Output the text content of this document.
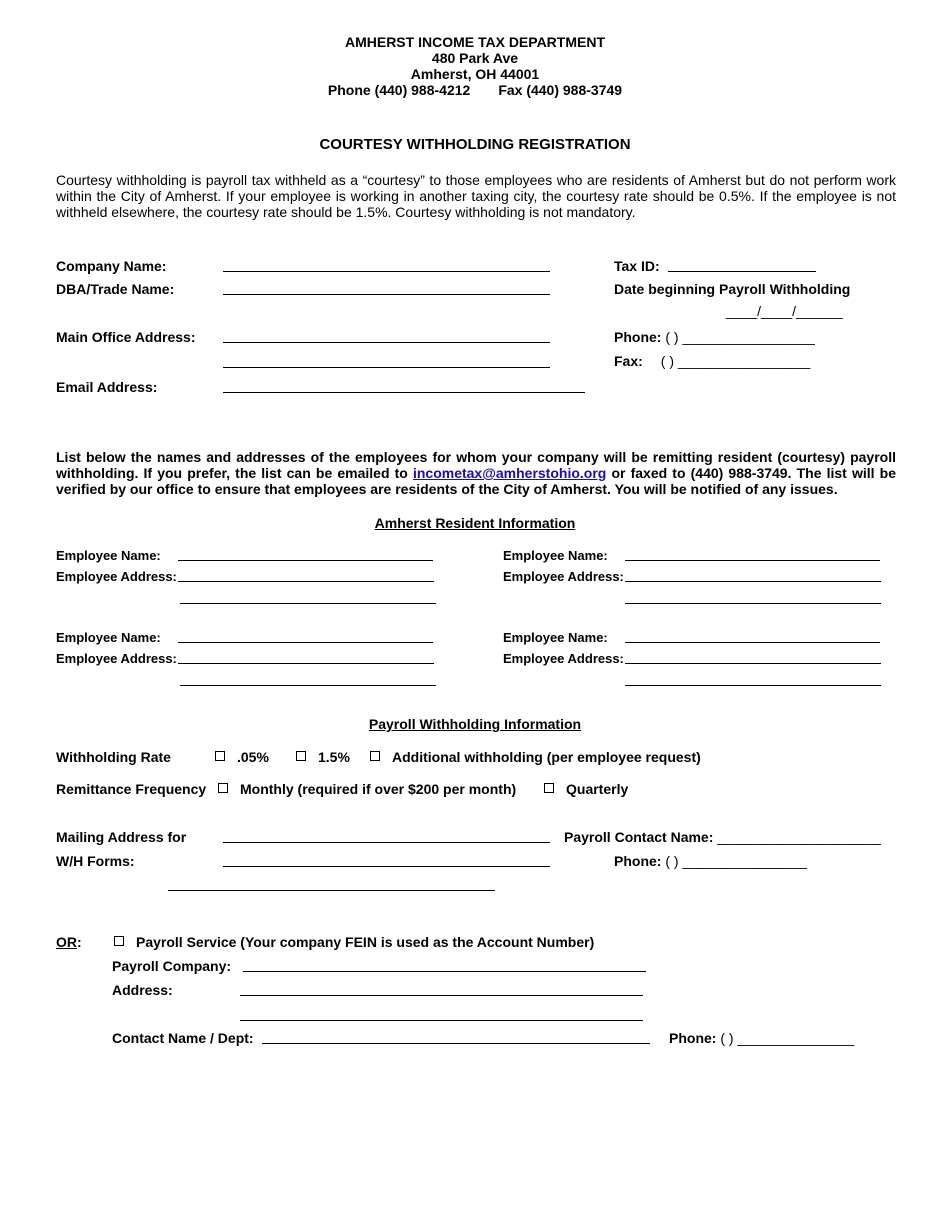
AMHERST INCOME TAX DEPARTMENT
480 Park Ave
Amherst, OH 44001
Phone (440) 988-4212 Fax (440) 988-3749
COURTESY WITHHOLDING REGISTRATION
Courtesy withholding is payroll tax withheld as a “courtesy” to those employees who are residents of Amherst but do not perform work within the City of Amherst. If your employee is working in another taxing city, the courtesy rate should be 0.5%. If the employee is not withheld elsewhere, the courtesy rate should be 1.5%. Courtesy withholding is not mandatory.
Company Name:
DBA/Trade Name:
Main Office Address:
Email Address:
Tax ID:
Date beginning Payroll Withholding
____/____/______
Phone: ( ) _________________
Fax: ( ) _________________
List below the names and addresses of the employees for whom your company will be remitting resident (courtesy) payroll withholding. If you prefer, the list can be emailed to incometax@amherstohio.org or faxed to (440) 988-3749. The list will be verified by our office to ensure that employees are residents of the City of Amherst. You will be notified of any issues.
Amherst Resident Information
Employee Name:
Employee Address:
Employee Name:
Employee Address:
Employee Name:
Employee Address:
Employee Name:
Employee Address:
Payroll Withholding Information
Withholding Rate	.05%	1.5%	Additional withholding (per employee request)
Remittance Frequency	Monthly (required if over $200 per month)	Quarterly
Mailing Address for
W/H Forms:
Payroll Contact Name: _____________________
Phone: ( ) ________________
OR:	Payroll Service (Your company FEIN is used as the Account Number)
Payroll Company:
Address:
Contact Name / Dept:	Phone: ( ) _______________
